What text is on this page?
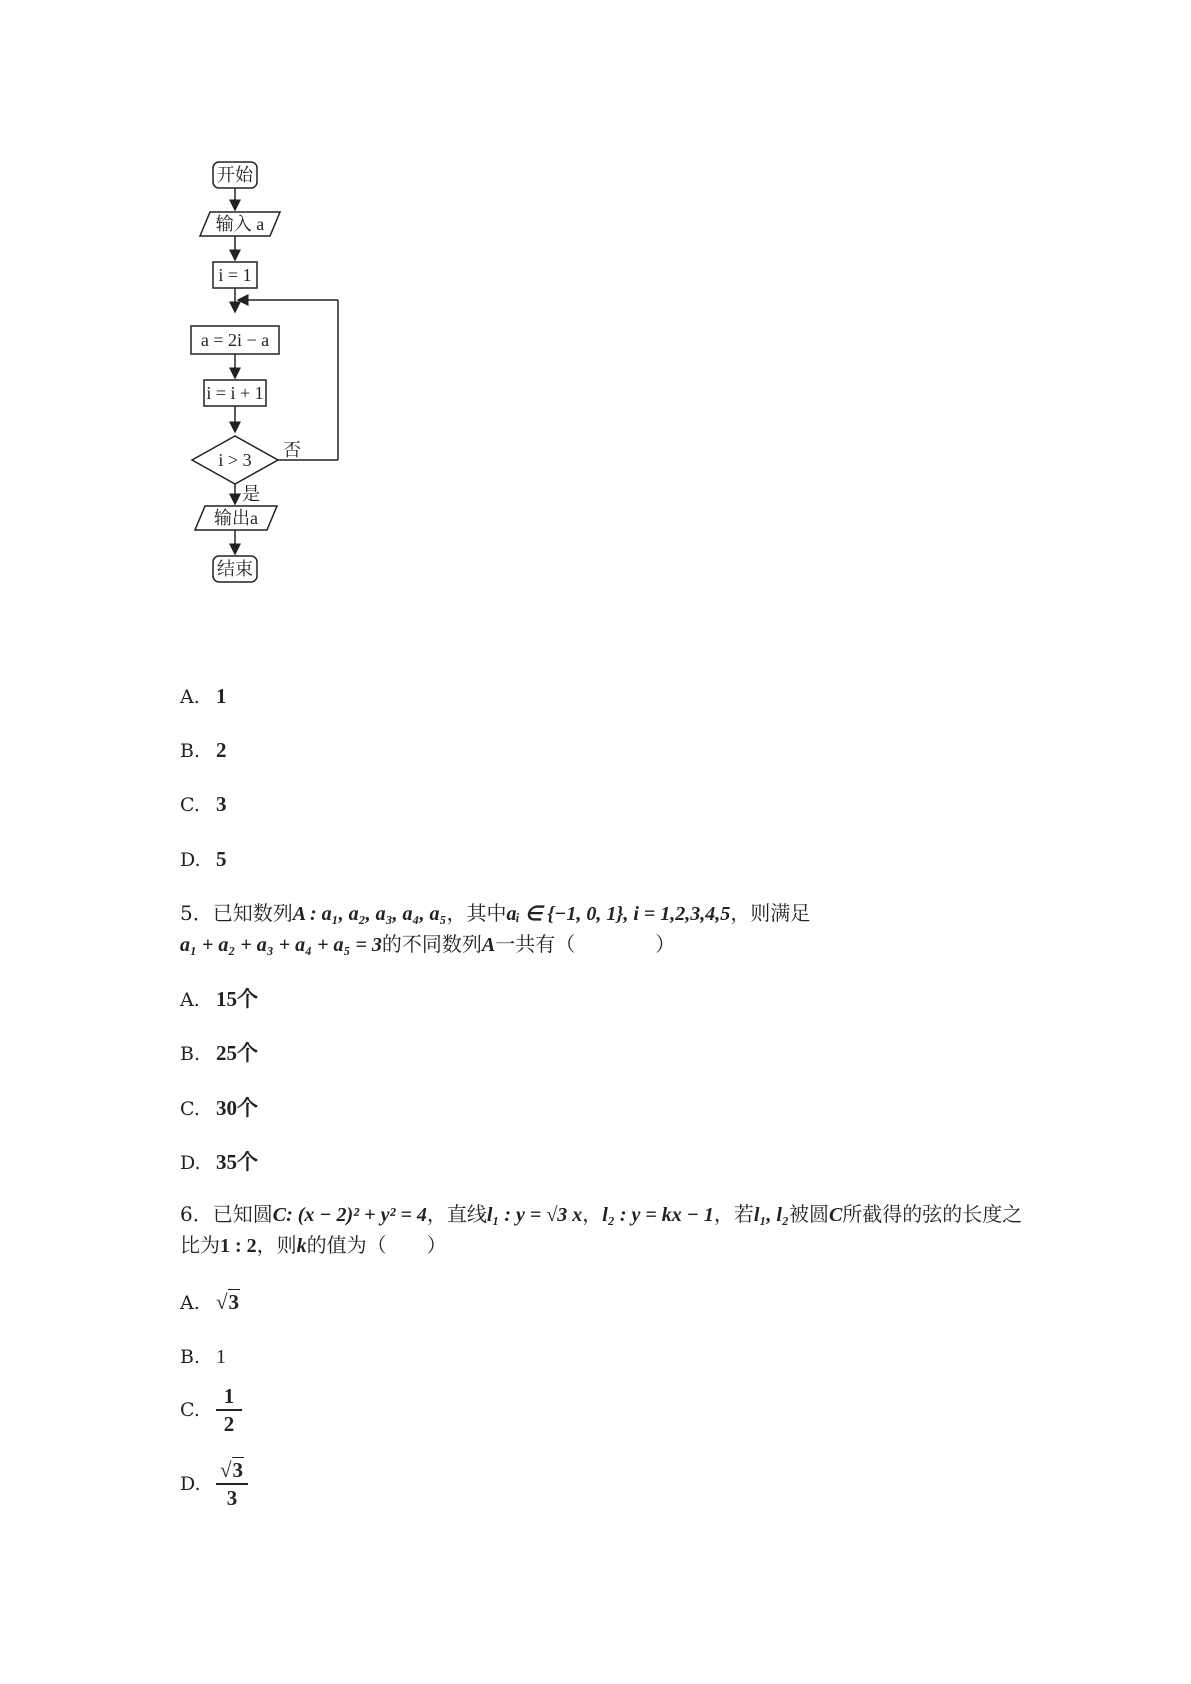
开始
输入 a
i = 1
a = 2i − a
i = i + 1
i > 3 否
是
输出a
结束
A. 1
B. 2
C. 3
D. 5
5．已知数列A : a₁, a₂, a₃, a₄, a₅，其中aᵢ ∈ {−1, 0, 1}, i = 1,2,3,4,5，则满足
a₁ + a₂ + a₃ + a₄ + a₅ = 3的不同数列A一共有（　　　　）
A. 15个
B. 25个
C. 30个
D. 35个
6．已知圆C: (x − 2)² + y² = 4，直线l₁ : y = √3 x，l₂ : y = kx − 1，若l₁, l₂被圆C所截得的弦的长度之比为1 : 2，则k的值为（　　）
A. √3
B. 1
C. $\frac{1}{2}$
D. $\frac{√3}{3}$
